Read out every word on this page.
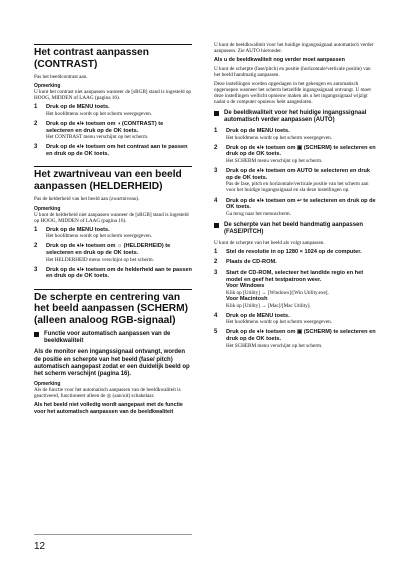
Het contrast aanpassen (CONTRAST)

Pas het beeldcontrast aan.

Opmerking

U kunt het contrast niet aanpassen wanneer de [sRGB] stand is ingesteld op HOOG, MIDDEN of LAAG (pagina 16).

1 Druk op de MENU toets.

Het hoofdmenu wordt op het scherm weergegeven.

2 Druk op de ♦/♦ toetsen om ◑ (CONTRAST) te selecteren en druk op de OK toets.

Het CONTRAST menu verschijnt op het scherm.

3 Druk op de ♦/♦ toetsen om het contrast aan te passen en druk op de OK toets.

Het zwartniveau van een beeld aanpassen (HELDERHEID)

Pas de helderheid van het beeld aan (zwartniveau).

Opmerking

U kunt de helderheid niet aanpassen wanneer de [sRGB] stand is ingesteld op HOOG, MIDDEN of LAAG (pagina 16).

1 Druk op de MENU toets.

Het hoofdmenu wordt op het scherm weergegeven.

2 Druk op de ♦/♦ toetsen om ☼ (HELDERHEID) te selecteren en druk op de OK toets.

Het HELDERHEID menu verschijnt op het scherm.

3 Druk op de ♦/♦ toetsen om de helderheid aan te passen en druk op de OK toets.

De scherpte en centrering van het beeld aanpassen (SCHERM) (alleen analoog RGB-signaal)
Functie voor automatisch aanpassen van de beeldkwaliteit

Als de monitor een ingangssignaal ontvangt, worden de positie en scherpte van het beeld (fase/ pitch) automatisch aangepast zodat er een duidelijk beeld op het scherm verschijnt (pagina 16).

Opmerking

Als de functie voor het automatisch aanpassen van de beeldkwaliteit is geactiveerd, functioneert alleen de ◎ (aan/uit) schakelaar.

Als het beeld niet volledig wordt aangepast met de functie voor het automatisch aanpassen van de beeldkwaliteit

U kunt de beeldkwaliteit voor het huidige ingangssignaal automatisch verder aanpassen. Zie AUTO hieronder.

Als u de beeldkwaliteit nog verder moet aanpassen

U kunt de scherpte (fase/pitch) en positie (horizontale/verticale positie) van het beeld handmatig aanpassen.

Deze instellingen worden opgeslagen in het geheugen en automatisch opgeroepen wanneer het scherm hetzelfde ingangssignaal ontvangt. U moet deze instellingen wellicht opnieuw maken als u het ingangssignaal wijzigt nadat u de computer opnieuw hebt aangesloten.

De beeldkwaliteit voor het huidige ingangssignaal automatisch verder aanpassen (AUTO)
1 Druk op de MENU toets.

Het hoofdmenu wordt op het scherm weergegeven.

2 Druk op de ♦/♦ toetsen om ▣ (SCHERM) te selecteren en druk op de OK toets.

Het SCHERM menu verschijnt op het scherm.

3 Druk op de ♦/♦ toetsen om AUTO te selecteren en druk op de OK toets.

Pas de fase, pitch en horizontale/verticale positie van het scherm aan voor het huidige ingangssignaal en sla deze instellingen op.

4 Druk op de ♦/♦ toetsen om ↩ te selecteren en druk op de OK toets.

Ga terug naar het menuscherm.

De scherpte van het beeld handmatig aanpassen (FASE/PITCH)

U kunt de scherpte van het beeld als volgt aanpassen.

1 Stel de resolutie in op 1280 × 1024 op de computer.

2 Plaats de CD-ROM.

3 Start de CD-ROM, selecteer het land/de regio en het model en geef het testpatroon weer.

Voor Windows

Klik op [Utility] → [Windows]/[Win Utility.exe].

Voor Macintosh

Klik op [Utility] → [Mac]/[Mac Utility].

4 Druk op de MENU toets.

Het hoofdmenu wordt op het scherm weergegeven.

5 Druk op de ♦/♦ toetsen om ▣ (SCHERM) te selecteren en druk op de OK toets.

Het SCHERM menu verschijnt op het scherm.

12
